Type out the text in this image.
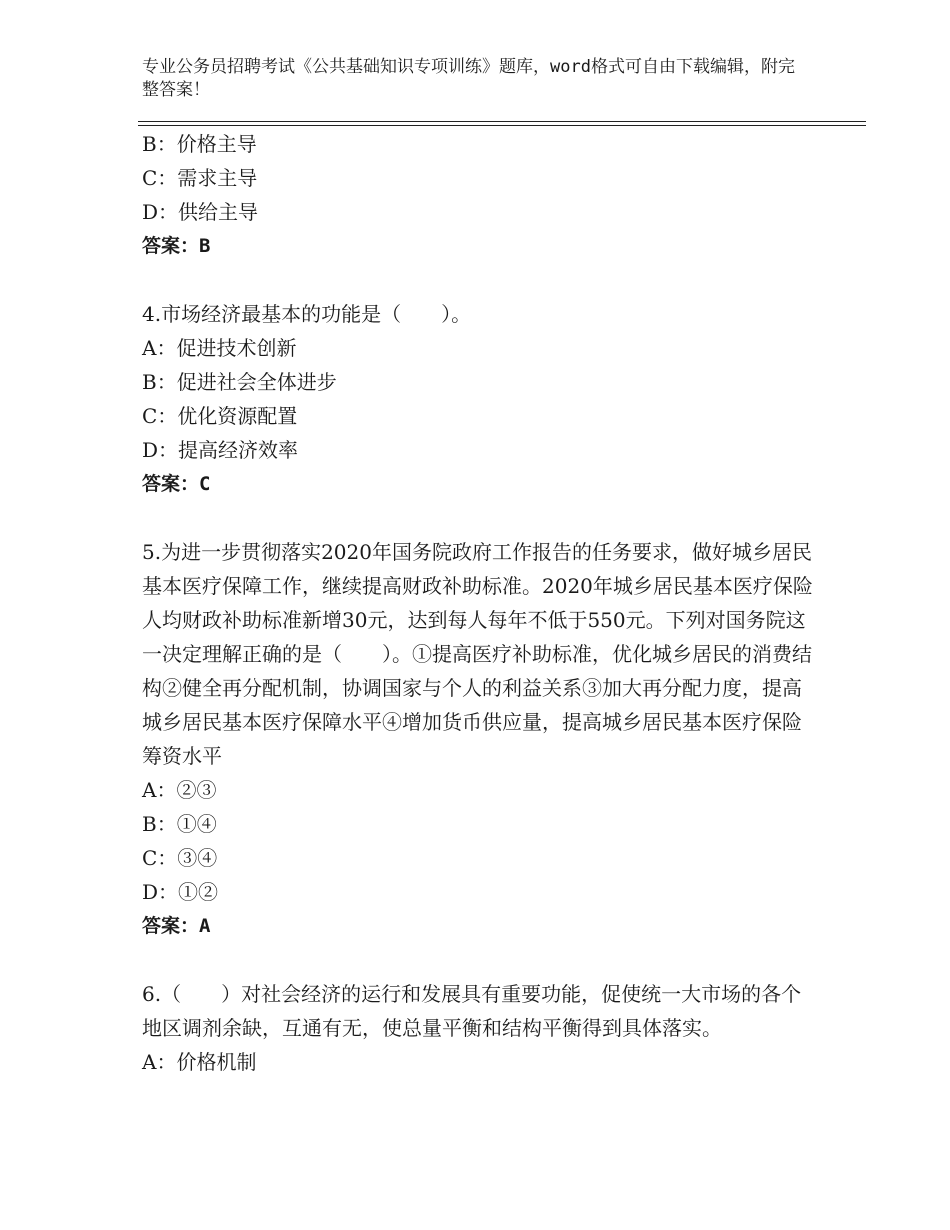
专业公务员招聘考试《公共基础知识专项训练》题库，word格式可自由下载编辑，附完整答案！

B：价格主导

C：需求主导

D：供给主导

答案：B

4.市场经济最基本的功能是（　　）。

A：促进技术创新

B：促进社会全体进步

C：优化资源配置

D：提高经济效率

答案：C

5.为进一步贯彻落实2020年国务院政府工作报告的任务要求，做好城乡居民基本医疗保障工作，继续提高财政补助标准。2020年城乡居民基本医疗保险人均财政补助标准新增30元，达到每人每年不低于550元。下列对国务院这一决定理解正确的是（　　）。①提高医疗补助标准，优化城乡居民的消费结构②健全再分配机制，协调国家与个人的利益关系③加大再分配力度，提高城乡居民基本医疗保障水平④增加货币供应量，提高城乡居民基本医疗保险筹资水平

A：②③

B：①④

C：③④

D：①②

答案：A

6.（　　）对社会经济的运行和发展具有重要功能，促使统一大市场的各个地区调剂余缺，互通有无，使总量平衡和结构平衡得到具体落实。

A：价格机制
